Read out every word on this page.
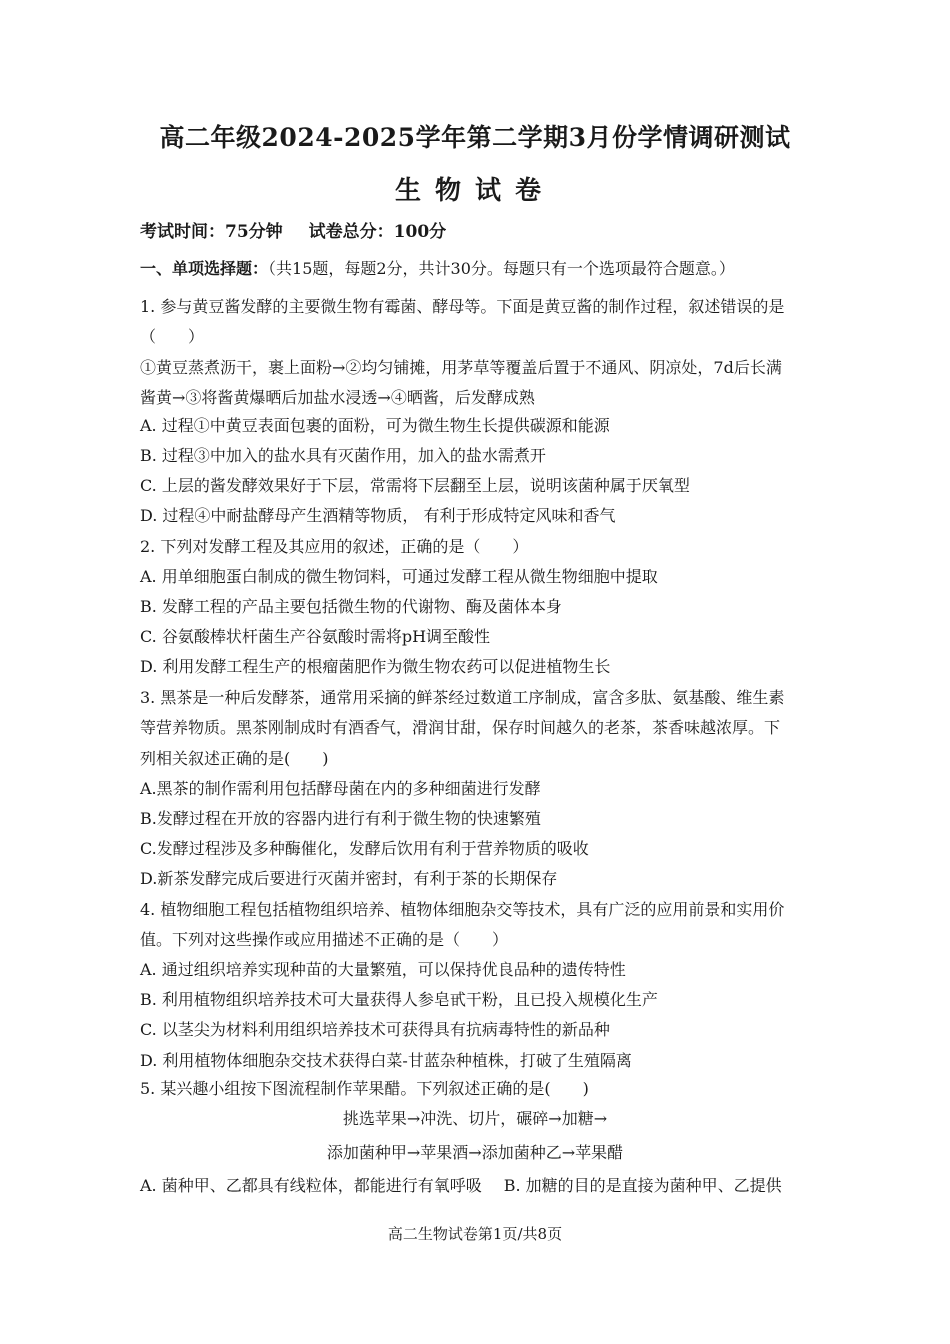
高二年级2024-2025学年第二学期3月份学情调研测试
生物试卷
考试时间：75分钟 试卷总分：100分
一、单项选择题：（共15题，每题2分，共计30分。每题只有一个选项最符合题意。）
1. 参与黄豆酱发酵的主要微生物有霉菌、酵母等。下面是黄豆酱的制作过程，叙述错误的是
（　　）
①黄豆蒸煮沥干，裹上面粉→②均匀铺摊，用茅草等覆盖后置于不通风、阴凉处，7d后长满
酱黄→③将酱黄爆晒后加盐水浸透→④晒酱，后发酵成熟
A. 过程①中黄豆表面包裹的面粉，可为微生物生长提供碳源和能源
B. 过程③中加入的盐水具有灭菌作用，加入的盐水需煮开
C. 上层的酱发酵效果好于下层，常需将下层翻至上层，说明该菌种属于厌氧型
D. 过程④中耐盐酵母产生酒精等物质， 有利于形成特定风味和香气
2. 下列对发酵工程及其应用的叙述，正确的是（　　）
A. 用单细胞蛋白制成的微生物饲料，可通过发酵工程从微生物细胞中提取
B. 发酵工程的产品主要包括微生物的代谢物、酶及菌体本身
C. 谷氨酸棒状杆菌生产谷氨酸时需将pH调至酸性
D. 利用发酵工程生产的根瘤菌肥作为微生物农药可以促进植物生长
3. 黑茶是一种后发酵茶，通常用采摘的鲜茶经过数道工序制成，富含多肽、氨基酸、维生素
等营养物质。黑茶刚制成时有酒香气，滑润甘甜，保存时间越久的老茶，茶香味越浓厚。下
列相关叙述正确的是(　　)
A.黑茶的制作需利用包括酵母菌在内的多种细菌进行发酵
B.发酵过程在开放的容器内进行有利于微生物的快速繁殖
C.发酵过程涉及多种酶催化，发酵后饮用有利于营养物质的吸收
D.新茶发酵完成后要进行灭菌并密封，有利于茶的长期保存
4. 植物细胞工程包括植物组织培养、植物体细胞杂交等技术，具有广泛的应用前景和实用价
值。下列对这些操作或应用描述不正确的是（　　）
A. 通过组织培养实现种苗的大量繁殖，可以保持优良品种的遗传特性
B. 利用植物组织培养技术可大量获得人参皂甙干粉，且已投入规模化生产
C. 以茎尖为材料利用组织培养技术可获得具有抗病毒特性的新品种
D. 利用植物体细胞杂交技术获得白菜-甘蓝杂种植株，打破了生殖隔离
5. 某兴趣小组按下图流程制作苹果醋。下列叙述正确的是(　　)
挑选苹果→冲洗、切片，碾碎→加糖→
添加菌种甲→苹果酒→添加菌种乙→苹果醋
A. 菌种甲、乙都具有线粒体，都能进行有氧呼吸 B. 加糖的目的是直接为菌种甲、乙提供
高二生物试卷第1页/共8页
